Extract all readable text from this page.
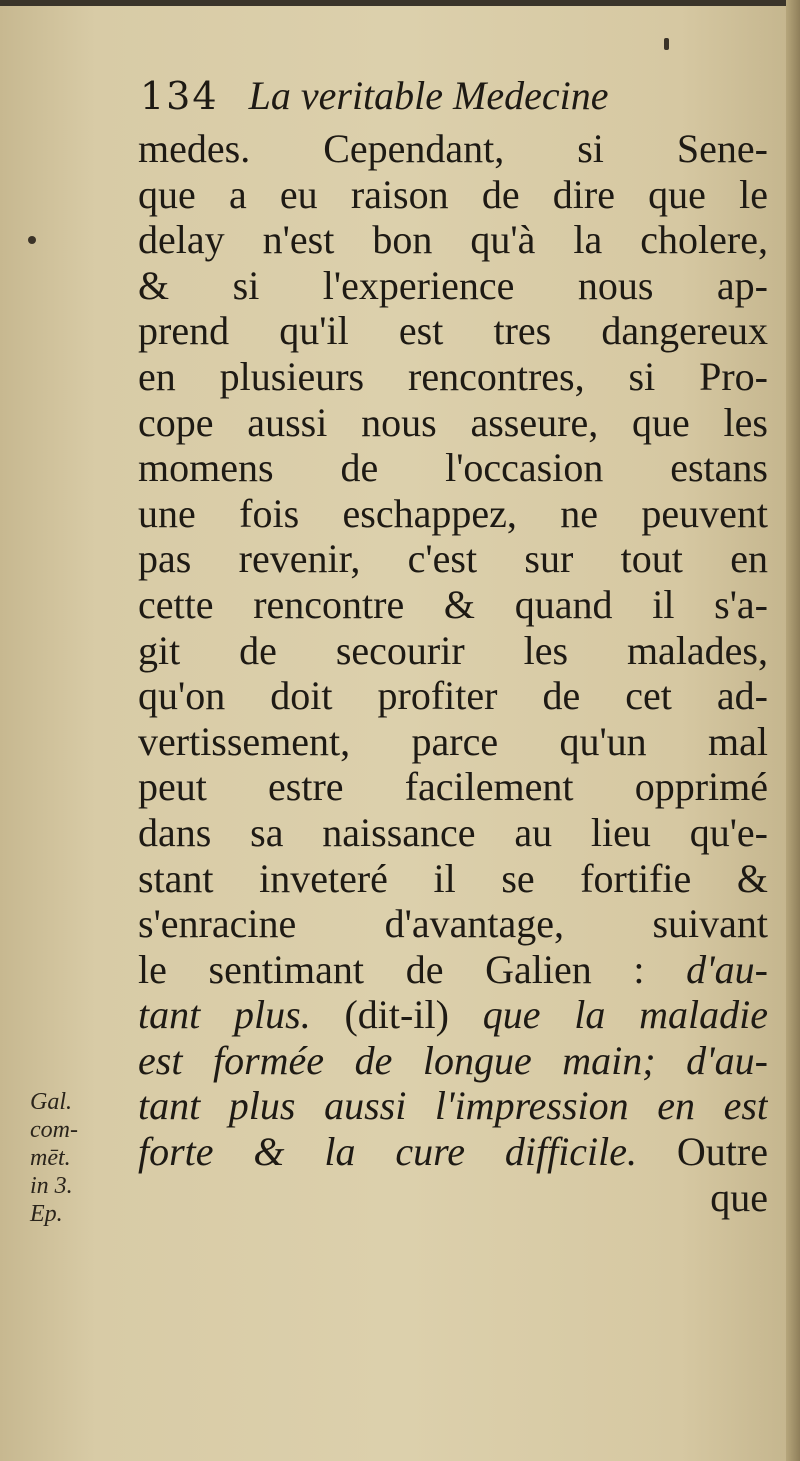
134 La veritable Medecine
medes. Cependant, si Sene-
que a eu raison de dire que le
delay n'est bon qu'à la cholere,
& si l'experience nous ap-
prend qu'il est tres dangereux
en plusieurs rencontres, si Pro-
cope aussi nous asseure, que les
momens de l'occasion estans
une fois eschappez, ne peuvent
pas revenir, c'est sur tout en
cette rencontre & quand il s'a-
git de secourir les malades,
qu'on doit profiter de cet ad-
vertissement, parce qu'un mal
peut estre facilement opprimé
dans sa naissance au lieu qu'e-
stant inveteré il se fortifie &
s'enracine d'avantage, suivant
le sentimant de Galien : d'au-
tant plus. (dit-il) que la maladie
est formée de longue main; d'au-
tant plus aussi l'impression en est
forte & la cure difficile. Outre
que
Gal.
com-
mēt.
in 3.
Ep.
